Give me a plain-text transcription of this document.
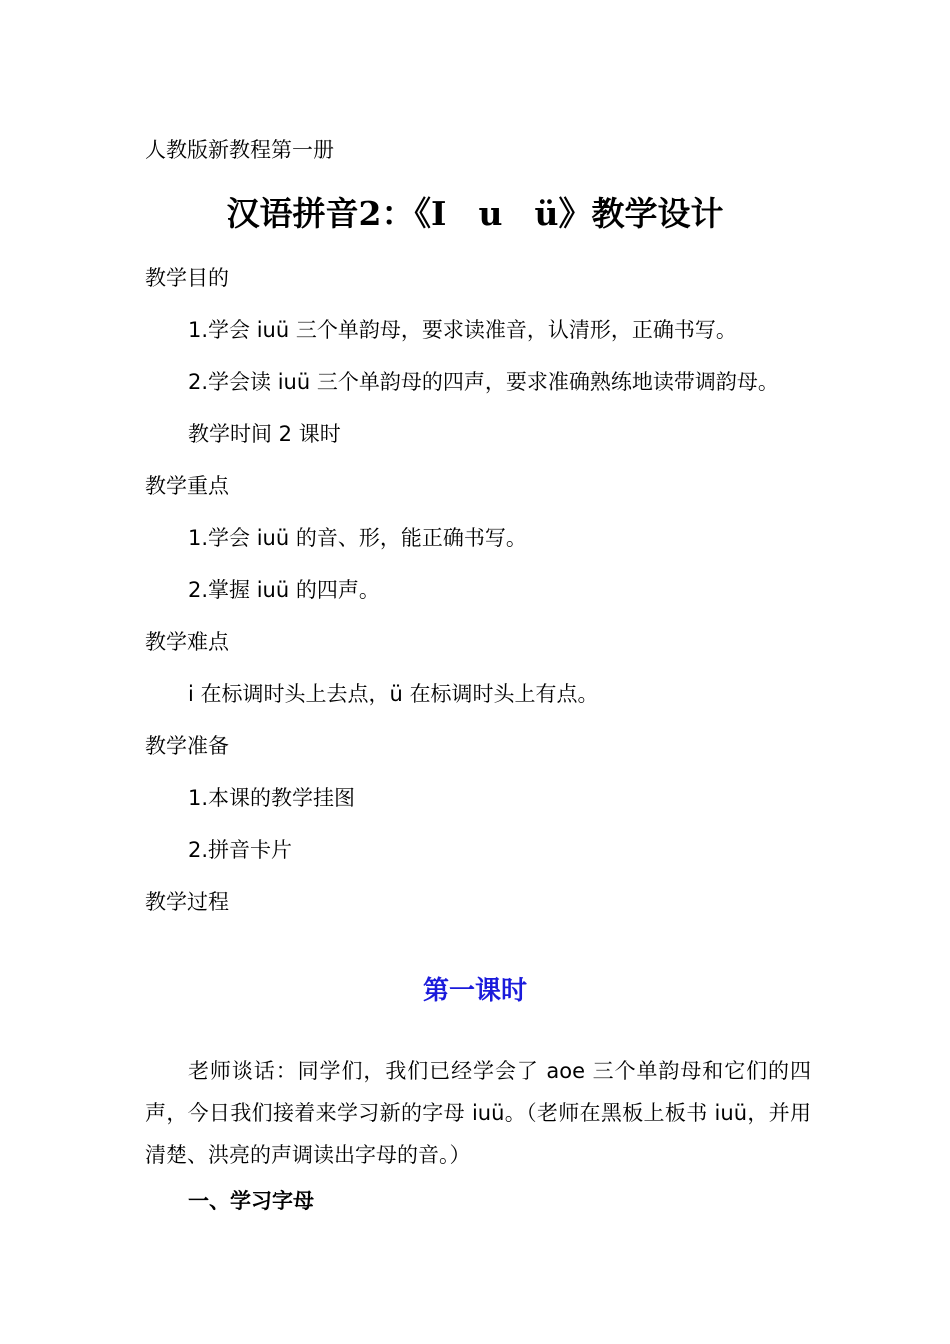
人教版新教程第一册
汉语拼音2：《I u ü》教学设计
教学目的
1.学会 iuü 三个单韵母，要求读准音，认清形，正确书写。
2.学会读 iuü 三个单韵母的四声，要求准确熟练地读带调韵母。
教学时间 2 课时
教学重点
1.学会 iuü 的音、形，能正确书写。
2.掌握 iuü 的四声。
教学难点
i 在标调时头上去点，ü 在标调时头上有点。
教学准备
1.本课的教学挂图
2.拼音卡片
教学过程
第一课时
老师谈话：同学们，我们已经学会了 aoe 三个单韵母和它们的四声，今日我们接着来学习新的字母 iuü。（老师在黑板上板书 iuü，并用清楚、洪亮的声调读出字母的音。）
一、学习字母
